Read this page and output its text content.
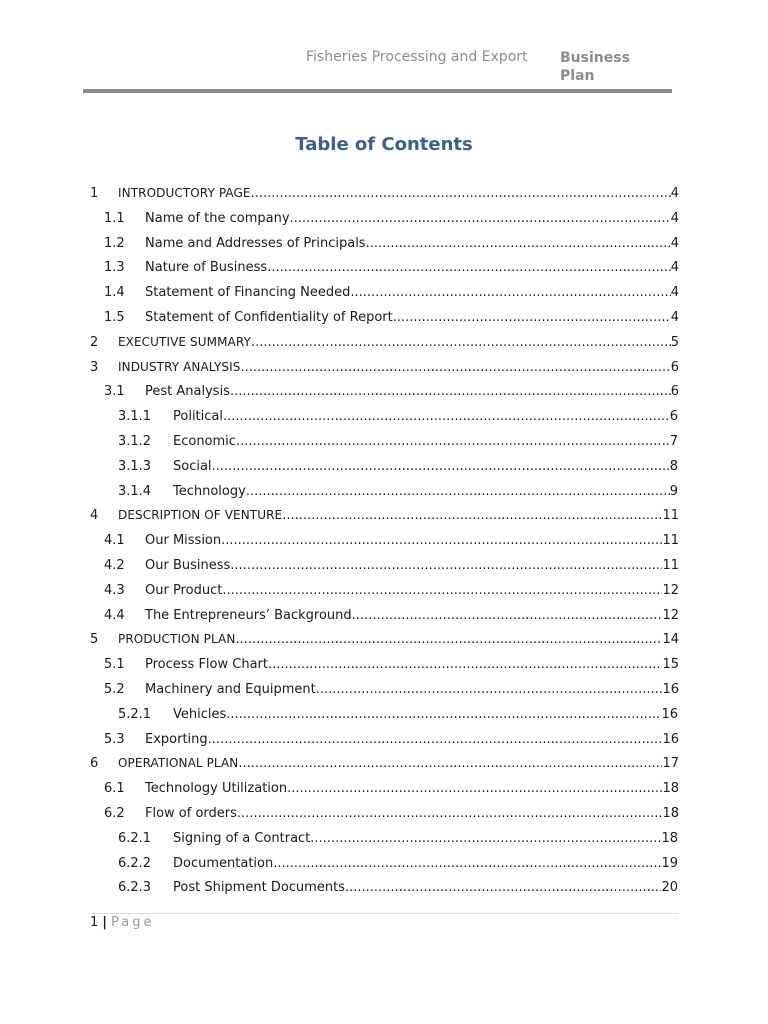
Fisheries Processing and Export Business Plan
Table of Contents
1	INTRODUCTORY PAGE .....	4
1.1	Name of the company .....	4
1.2	Name and Addresses of Principals .....	4
1.3	Nature of Business .....	4
1.4	Statement of Financing Needed .....	4
1.5	Statement of Confidentiality of Report .....	4
2	EXECUTIVE SUMMARY .....	5
3	INDUSTRY ANALYSIS .....	6
3.1	Pest Analysis .....	6
3.1.1	Political .....	6
3.1.2	Economic .....	7
3.1.3	Social .....	8
3.1.4	Technology .....	9
4	DESCRIPTION OF VENTURE .....	11
4.1	Our Mission .....	11
4.2	Our Business .....	11
4.3	Our Product .....	12
4.4	The Entrepreneurs’ Background .....	12
5	PRODUCTION PLAN .....	14
5.1	Process Flow Chart .....	15
5.2	Machinery and Equipment .....	16
5.2.1	Vehicles .....	16
5.3	Exporting .....	16
6	OPERATIONAL PLAN .....	17
6.1	Technology Utilization .....	18
6.2	Flow of orders .....	18
6.2.1	Signing of a Contract .....	18
6.2.2	Documentation .....	19
6.2.3	Post Shipment Documents .....	20
1 | Page
